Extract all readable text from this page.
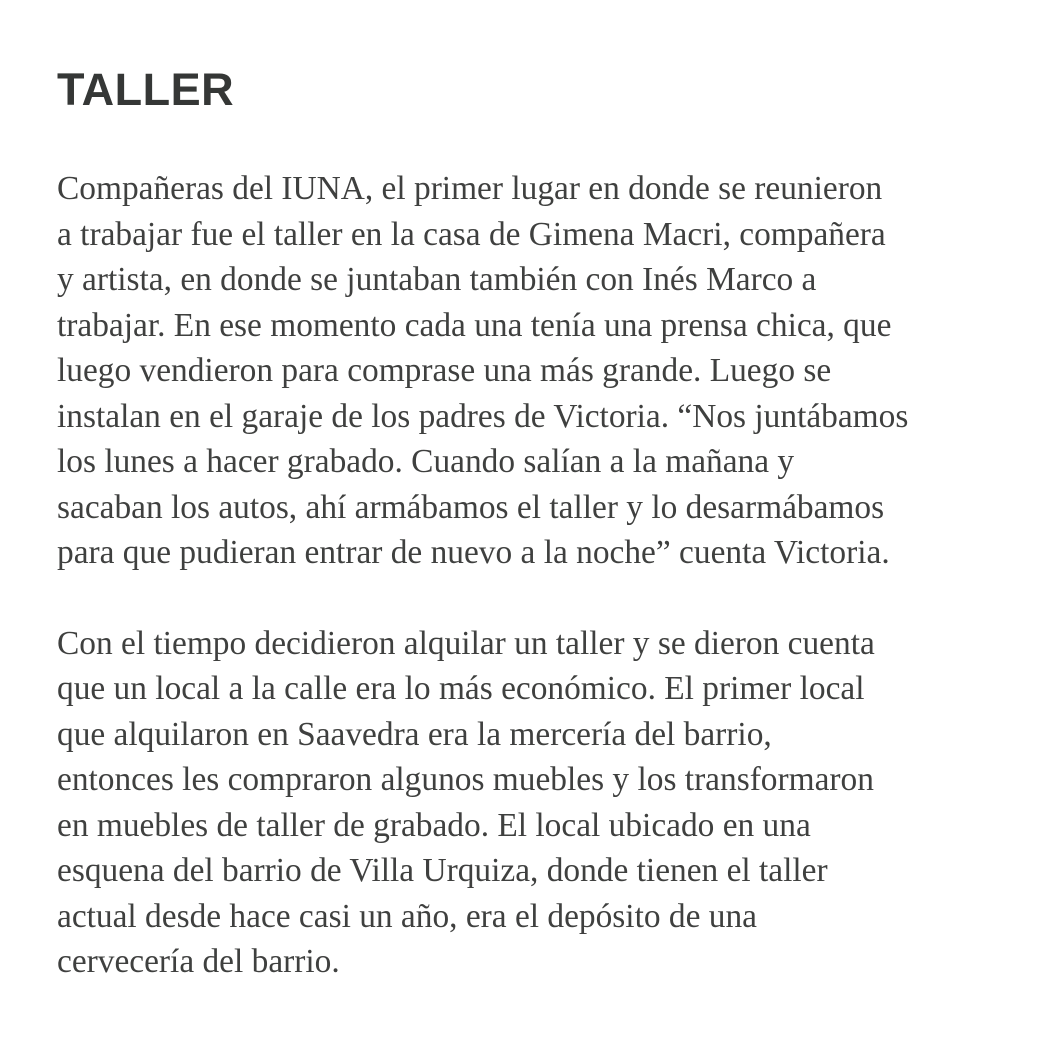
TALLER

Compañeras del IUNA, el primer lugar en donde se reunieron
a trabajar fue el taller en la casa de Gimena Macri, compañera
y artista, en donde se juntaban también con Inés Marco a
trabajar. En ese momento cada una tenía una prensa chica, que
luego vendieron para comprase una más grande. Luego se
instalan en el garaje de los padres de Victoria. “Nos juntábamos
los lunes a hacer grabado. Cuando salían a la mañana y
sacaban los autos, ahí armábamos el taller y lo desarmábamos
para que pudieran entrar de nuevo a la noche” cuenta Victoria.

Con el tiempo decidieron alquilar un taller y se dieron cuenta
que un local a la calle era lo más económico. El primer local
que alquilaron en Saavedra era la mercería del barrio,
entonces les compraron algunos muebles y los transformaron
en muebles de taller de grabado. El local ubicado en una
esquena del barrio de Villa Urquiza, donde tienen el taller
actual desde hace casi un año, era el depósito de una
cervecería del barrio.
